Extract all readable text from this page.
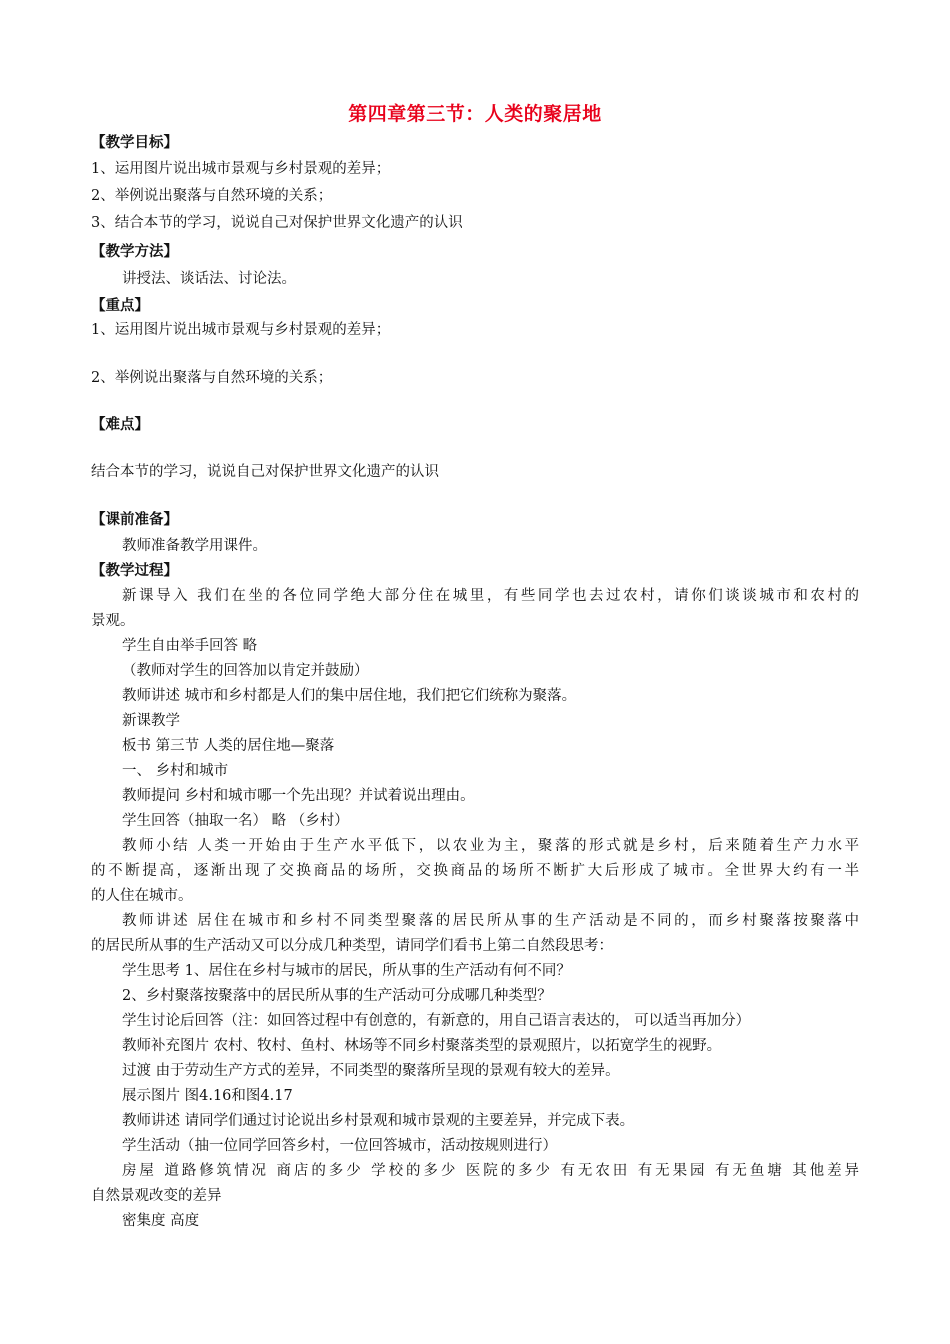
第四章第三节：人类的聚居地
【教学目标】
1、运用图片说出城市景观与乡村景观的差异；
2、举例说出聚落与自然环境的关系；
3、结合本节的学习，说说自己对保护世界文化遗产的认识
【教学方法】
讲授法、谈话法、讨论法。
【重点】
1、运用图片说出城市景观与乡村景观的差异；
2、举例说出聚落与自然环境的关系；
【难点】
结合本节的学习，说说自己对保护世界文化遗产的认识
【课前准备】
教师准备教学用课件。
【教学过程】
新课导入 我们在坐的各位同学绝大部分住在城里，有些同学也去过农村，请你们谈谈城市和农村的
景观。
学生自由举手回答 略
（教师对学生的回答加以肯定并鼓励）
教师讲述 城市和乡村都是人们的集中居住地，我们把它们统称为聚落。
新课教学
板书 第三节 人类的居住地—聚落
一、 乡村和城市
教师提问 乡村和城市哪一个先出现？并试着说出理由。
学生回答（抽取一名） 略 （乡村）
教师小结 人类一开始由于生产水平低下，以农业为主，聚落的形式就是乡村，后来随着生产力水平
的不断提高，逐渐出现了交换商品的场所，交换商品的场所不断扩大后形成了城市。全世界大约有一半
的人住在城市。
教师讲述 居住在城市和乡村不同类型聚落的居民所从事的生产活动是不同的，而乡村聚落按聚落中
的居民所从事的生产活动又可以分成几种类型，请同学们看书上第二自然段思考：
学生思考 1、居住在乡村与城市的居民，所从事的生产活动有何不同？
2、乡村聚落按聚落中的居民所从事的生产活动可分成哪几种类型？
学生讨论后回答（注：如回答过程中有创意的，有新意的，用自己语言表达的， 可以适当再加分）
教师补充图片 农村、牧村、鱼村、林场等不同乡村聚落类型的景观照片，以拓宽学生的视野。
过渡 由于劳动生产方式的差异，不同类型的聚落所呈现的景观有较大的差异。
展示图片 图4.16和图4.17
教师讲述 请同学们通过讨论说出乡村景观和城市景观的主要差异，并完成下表。
学生活动（抽一位同学回答乡村，一位回答城市，活动按规则进行）
房屋 道路修筑情况 商店的多少 学校的多少 医院的多少 有无农田 有无果园 有无鱼塘 其他差异
自然景观改变的差异
密集度 高度
